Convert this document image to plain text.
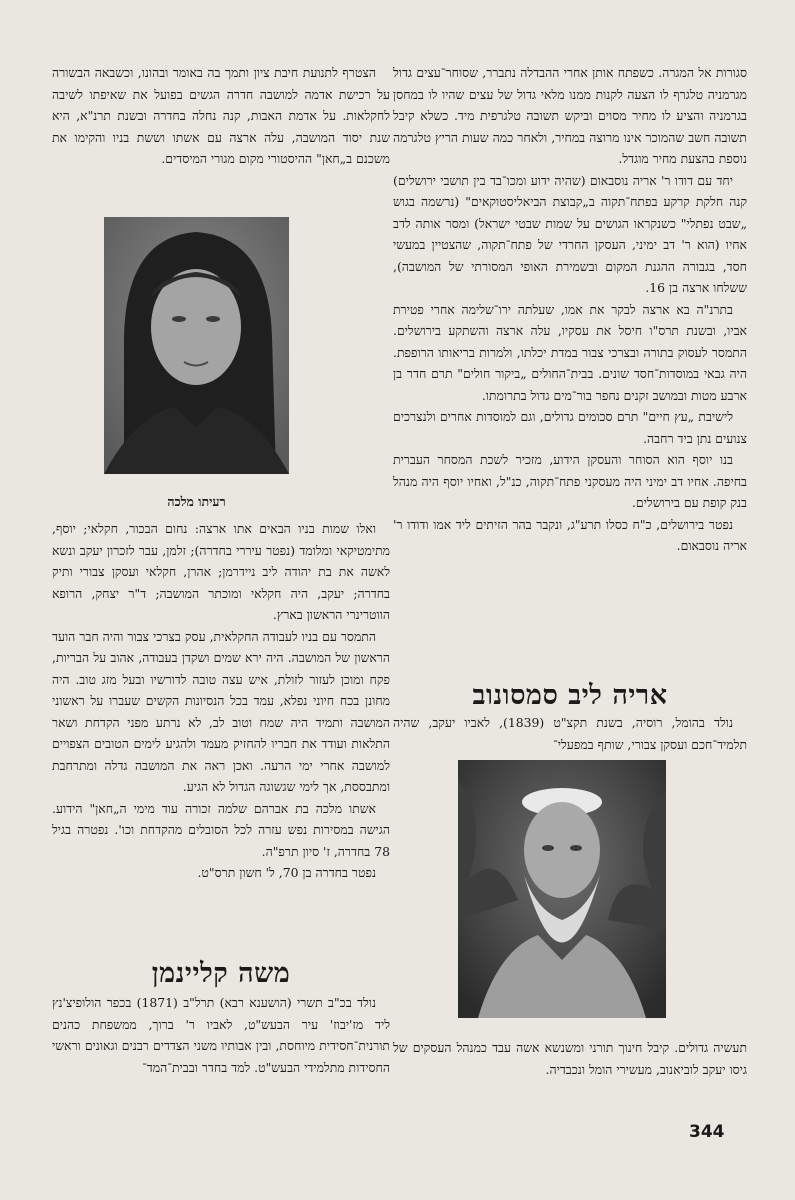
סגורות אל המגרה. כשפתח אותן אחרי ההבדלה נתברר, שסוחר־עצים גדול מגרמניה טלגרף לו הצעה לקנות ממנו מלאי גדול של עצים שהיו לו במחסן בגרמניה והציע לו מחיר מסוים וביקש תשובה טלגרפית מיד. כשלא קיבל תשובה חשב שהמוכר אינו מרוצה במחיר, ולאחר כמה שעות הריץ טלגרמה נוספת בהצעת מחיר מוגדל.

יחד עם דודו ר' אריה נוסבאום (שהיה ידוע ומכו־בד בין תושבי ירושלים) קנה חלקת קרקע בפתח־תקוה ב„קבוצת הביאליסטוקאים" (נרשמה בגוש „שבט נפתלי" כשנקראו הגושים על שמות שבטי ישראל) ומסר אותה לדב אחיו (הוא ר' דב ימיני, העסקן החרדי של פתח־תקוה, שהצטיין במעשי חסד, בגבורה ההגנת המקום ובשמירת האופי המסורתי של המושבה), ששלחו ארצה בן 16.

בתרנ"ה בא ארצה לבקר את אמו, שעלתה ירו־שלימה אחרי פטירת אביו, ובשנת תרס"ו חיסל את עסקיו, עלה ארצה והשתקע בירושלים. התמסר לעסוק בתורה ובצרכי צבור במדת יכלתו, ולמרות בריאותו הרופפת. היה גבאי במוסדות־חסד שונים. בבית־החולים „ביקור חולים" תרם חדר בן ארבע מטות ובמושב זקנים נחפר בור־מים גדול בתרומתו.

לישיבת „עץ חיים" תרם סכומים גדולים, וגם למוסדות אחרים ולנצרכים צנועים נתן ביד רחבה.

בנו יוסף הוא הסוחר והעסקן הידוע, מזכיר לשכת המסחר העברית בחיפה. אחיו דב ימיני היה מעסקני פתח־תקוה, כנ"ל, ואחיו יוסף היה מנהל בנק קופת עם בירושלים.

נפטר בירושלים, כ"ח כסלו תרע"ג, ונקבר בהר הזיתים ליד אמו ודודו ר' אריה נוסבאום.

אריה ליב סמסונוב

נולד בהומל, רוסיה, בשנת תקצ"ט (1839), לאביו יעקב, שהיה תלמיד־חכם ועסקן צבורי, שותף במפעלי־

תעשיה גדולים. קיבל חינוך תורני ומשנשא אשה עבד כמנהל העסקים של גיסו יעקב לוביאנוב, מעשירי הומל ונכבדיה.

הצטרף לתנועת חיבת ציון ותמך בה באומר ובהונו, וכשבאה הבשורה על רכישת אדמה למושבה חדרה הגשים בפועל את שאיפתו לשיבה לחקלאות. על אדמת האבות, קנה נחלה בחדרה ובשנת תרנ"א, היא שנת יסוד המושבה, עלה ארצה עם אשתו וששת בניו והקימו את משכנם ב„חאן" ההיסטורי מקום מגורי המיסדים.

רעיתו מלכה

ואלו שמות בניו הבאים אתו ארצה: נחום הבכור, חקלאי; יוסף, מתימטיקאי ומלומד (נפטר עיררי בחדרה); זלמן, עבר לזכרון יעקב ונשא לאשה את בת יהודה ליב ניידרמן; אהרן, חקלאי ועסקן צבורי ותיק בחדרה; יעקב, היה חקלאי ומוכתר המושבה; ד"ר יצחק, הרופא הווטרינרי הראשון בארץ.

התמסר עם בניו לעבודה החקלאית, עסק בצרכי צבור והיה חבר הועד הראשון של המושבה. היה ירא שמים ושקדן בעבודה, אהוב על הבריות, פקח ומוכן לעזור לזולת, איש עצה טובה לדורשיו ובעל מזג טוב. היה מחונן בכח חיוני נפלא, עמד בכל הנסיונות הקשים שעברו על ראשוני המושבה ותמיד היה שמח וטוב לב, לא נרתע מפני הקדחת ושאר התלאות ועודד את חבריו להחזיק מעמד ולהגיע לימים הטובים הצפויים למושבה אחרי ימי הרעה. ואכן ראה את המושבה גדלה ומתרחבת ומתבססת, אך לימי שגשוגה הגדול לא הגיע.

אשתו מלכה בת אברהם שלמה זכורה עוד מימי ה„חאן" הידוע. הגישה במסירות נפש עזרה לכל הסובלים מהקדחת וכו'. נפטרה בגיל 78 בחדרה, ז' סיון תרפ"ה.

נפטר בחדרה בן 70, ל' חשון תרס"ט.

משה קליינמן

נולד בכ"ב תשרי (הושענא רבא) תרל"ב (1871) בכפר הולופיצ'נץ ליד מז'יבוז' עיר הבעש"ט, לאביו ר' ברוך, ממשפחת כהנים תורנית־חסידית מיוחסת, ובין אבותיו משני הצדדים רבנים וגאונים וראשי החסידות מתלמידי הבעש"ט. למד בחדר ובבית־המד־

344
